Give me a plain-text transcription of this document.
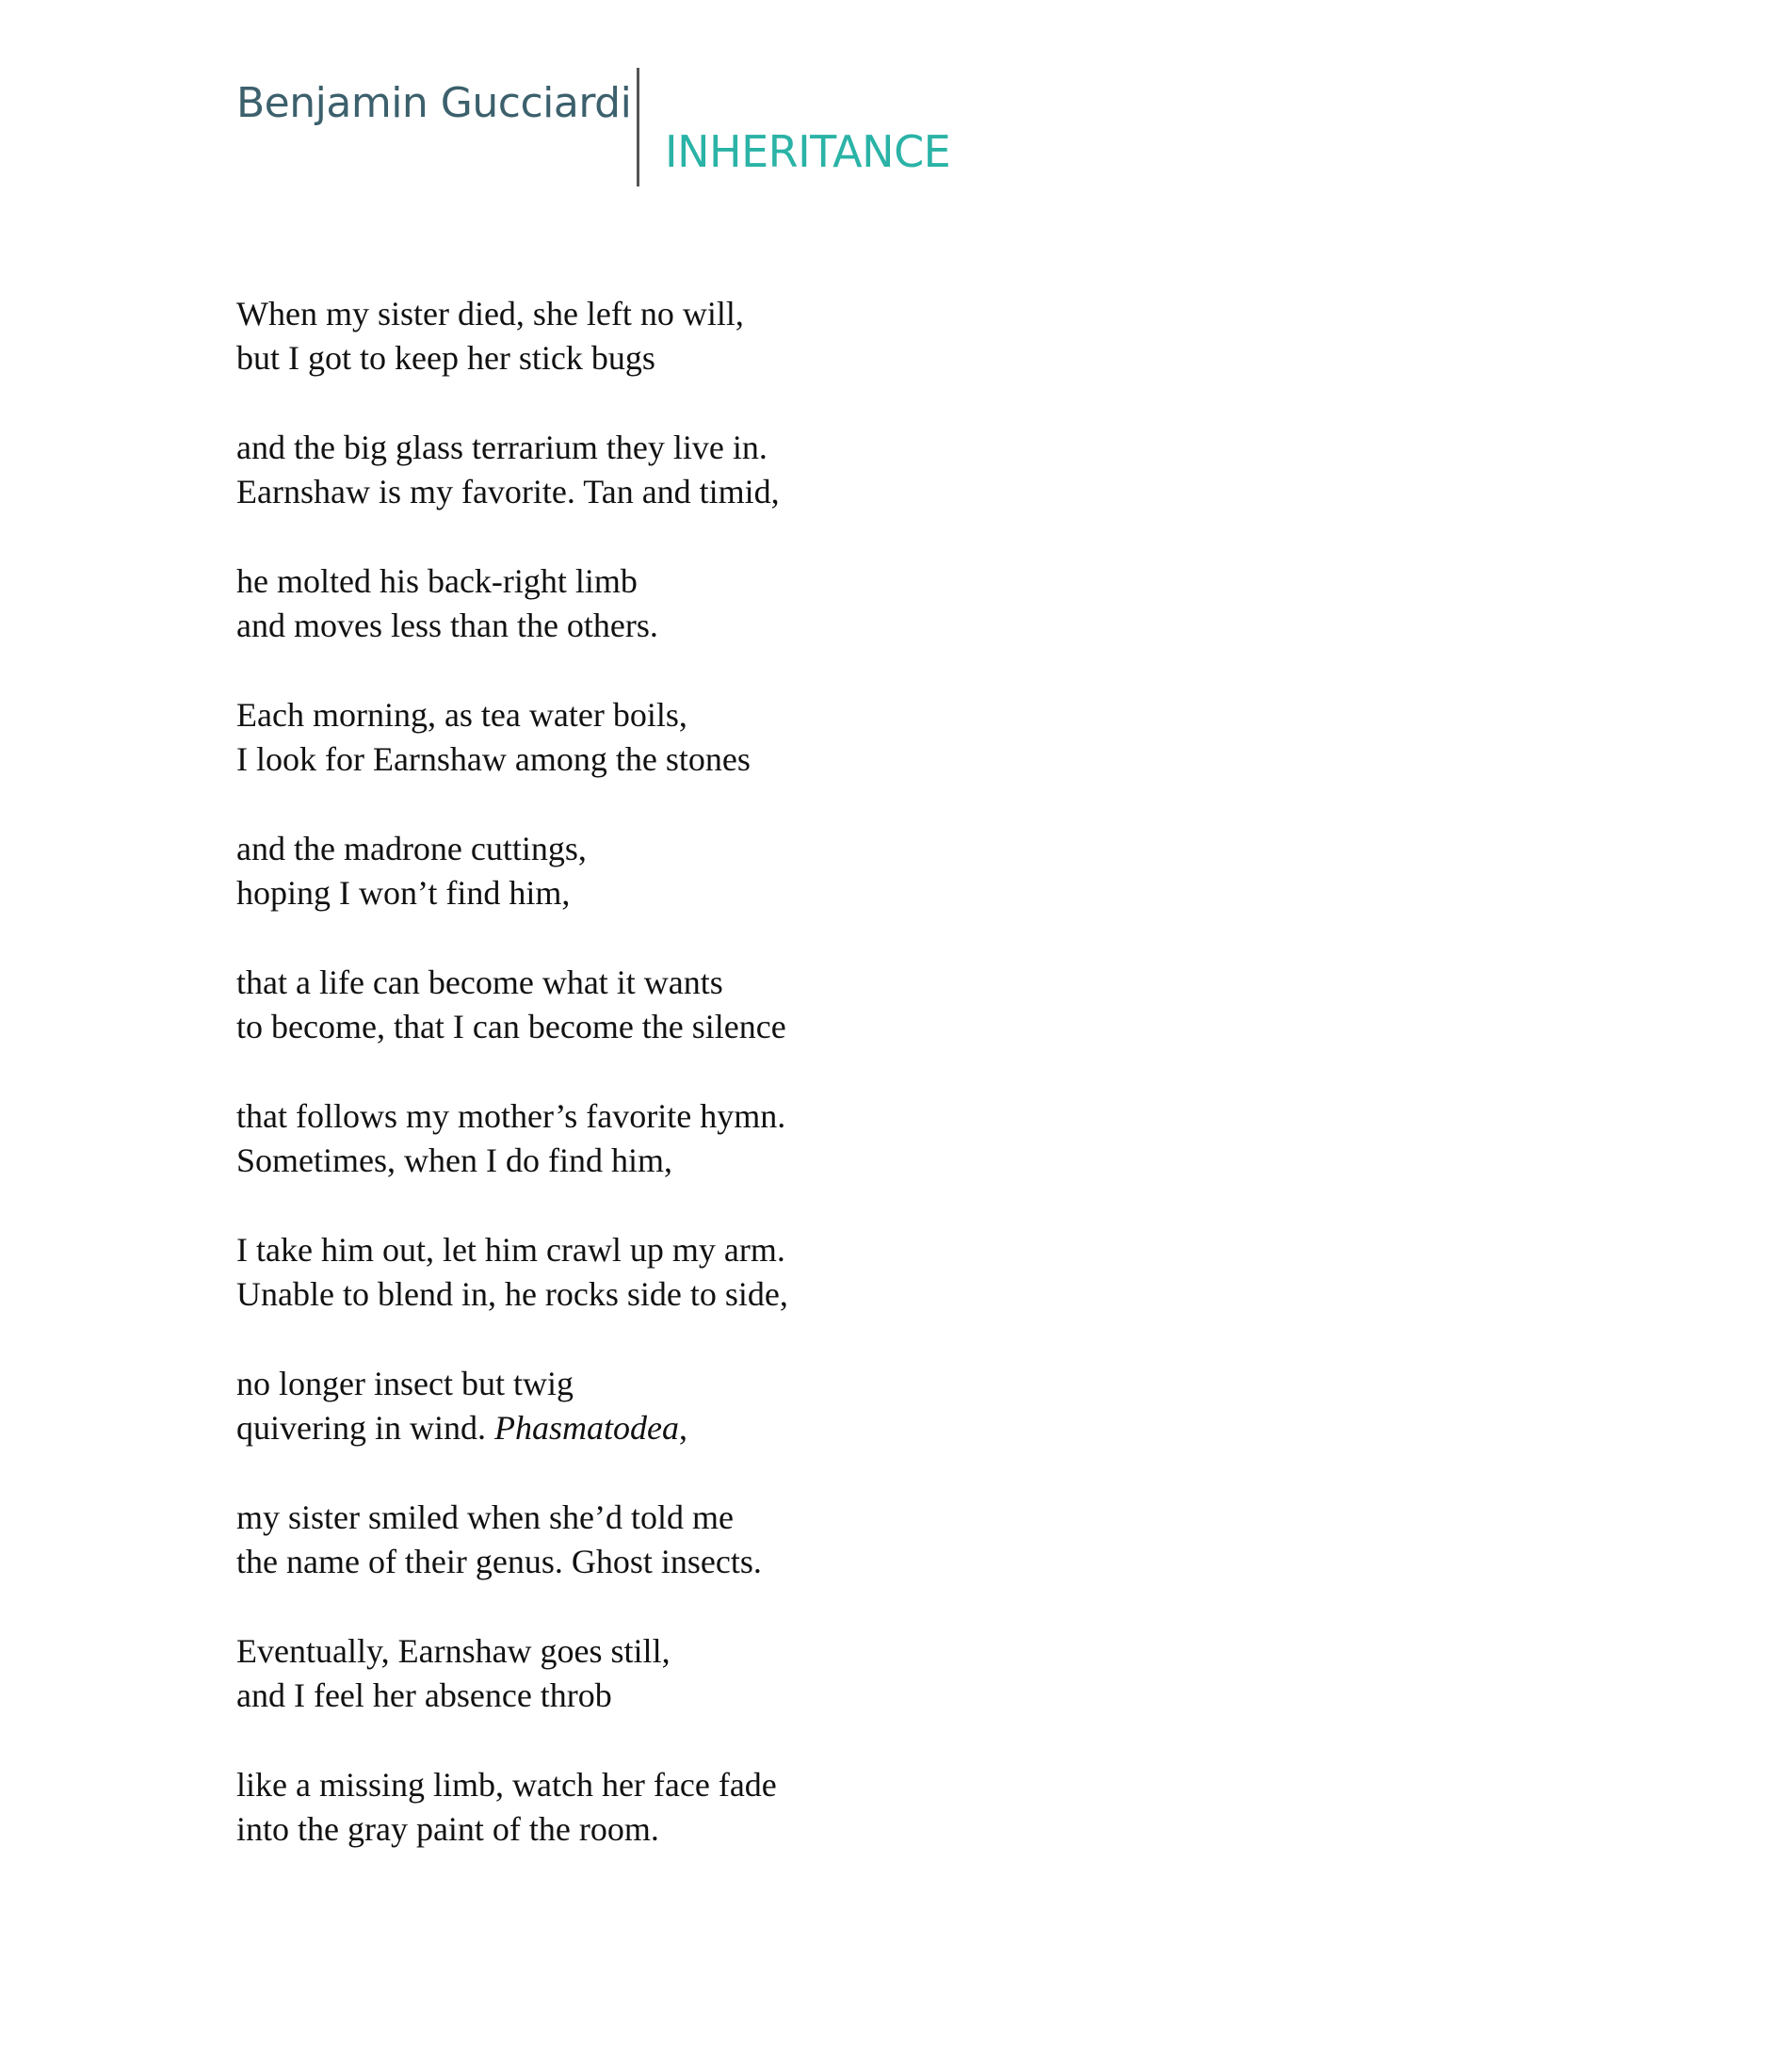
Benjamin Gucciardi
INHERITANCE
When my sister died, she left no will,
but I got to keep her stick bugs
and the big glass terrarium they live in.
Earnshaw is my favorite. Tan and timid,
he molted his back-right limb
and moves less than the others.
Each morning, as tea water boils,
I look for Earnshaw among the stones
and the madrone cuttings,
hoping I won’t find him,
that a life can become what it wants
to become, that I can become the silence
that follows my mother’s favorite hymn.
Sometimes, when I do find him,
I take him out, let him crawl up my arm.
Unable to blend in, he rocks side to side,
no longer insect but twig
quivering in wind. Phasmatodea,
my sister smiled when she’d told me
the name of their genus. Ghost insects.
Eventually, Earnshaw goes still,
and I feel her absence throb
like a missing limb, watch her face fade
into the gray paint of the room.
